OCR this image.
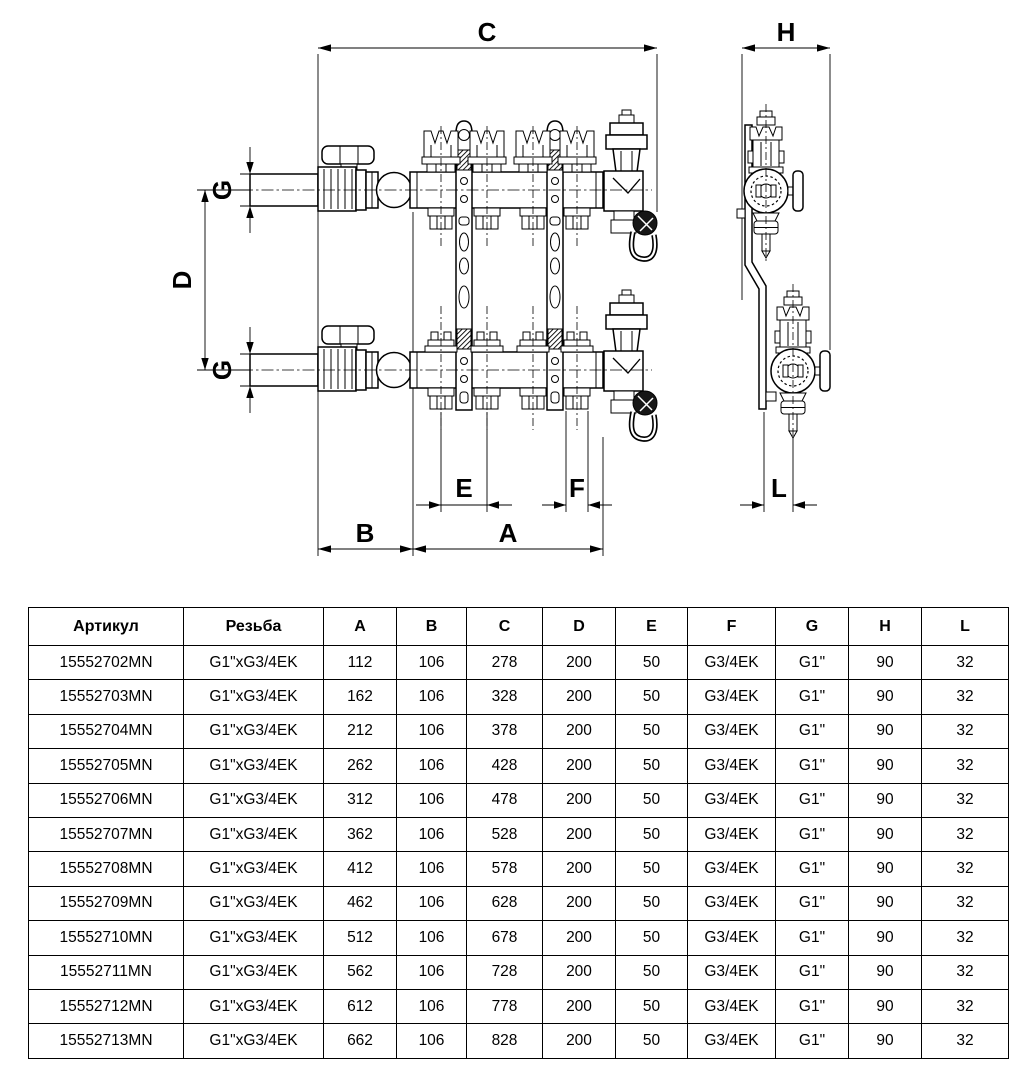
C	H
G
G
D
E	F
B	A
L
Артикул	Резьба	A	B	C	D	E	F	G	H	L
15552702MN	G1"xG3/4EK	112	106	278	200	50	G3/4EK	G1"	90	32
15552703MN	G1"xG3/4EK	162	106	328	200	50	G3/4EK	G1"	90	32
15552704MN	G1"xG3/4EK	212	106	378	200	50	G3/4EK	G1"	90	32
15552705MN	G1"xG3/4EK	262	106	428	200	50	G3/4EK	G1"	90	32
15552706MN	G1"xG3/4EK	312	106	478	200	50	G3/4EK	G1"	90	32
15552707MN	G1"xG3/4EK	362	106	528	200	50	G3/4EK	G1"	90	32
15552708MN	G1"xG3/4EK	412	106	578	200	50	G3/4EK	G1"	90	32
15552709MN	G1"xG3/4EK	462	106	628	200	50	G3/4EK	G1"	90	32
15552710MN	G1"xG3/4EK	512	106	678	200	50	G3/4EK	G1"	90	32
15552711MN	G1"xG3/4EK	562	106	728	200	50	G3/4EK	G1"	90	32
15552712MN	G1"xG3/4EK	612	106	778	200	50	G3/4EK	G1"	90	32
15552713MN	G1"xG3/4EK	662	106	828	200	50	G3/4EK	G1"	90	32
